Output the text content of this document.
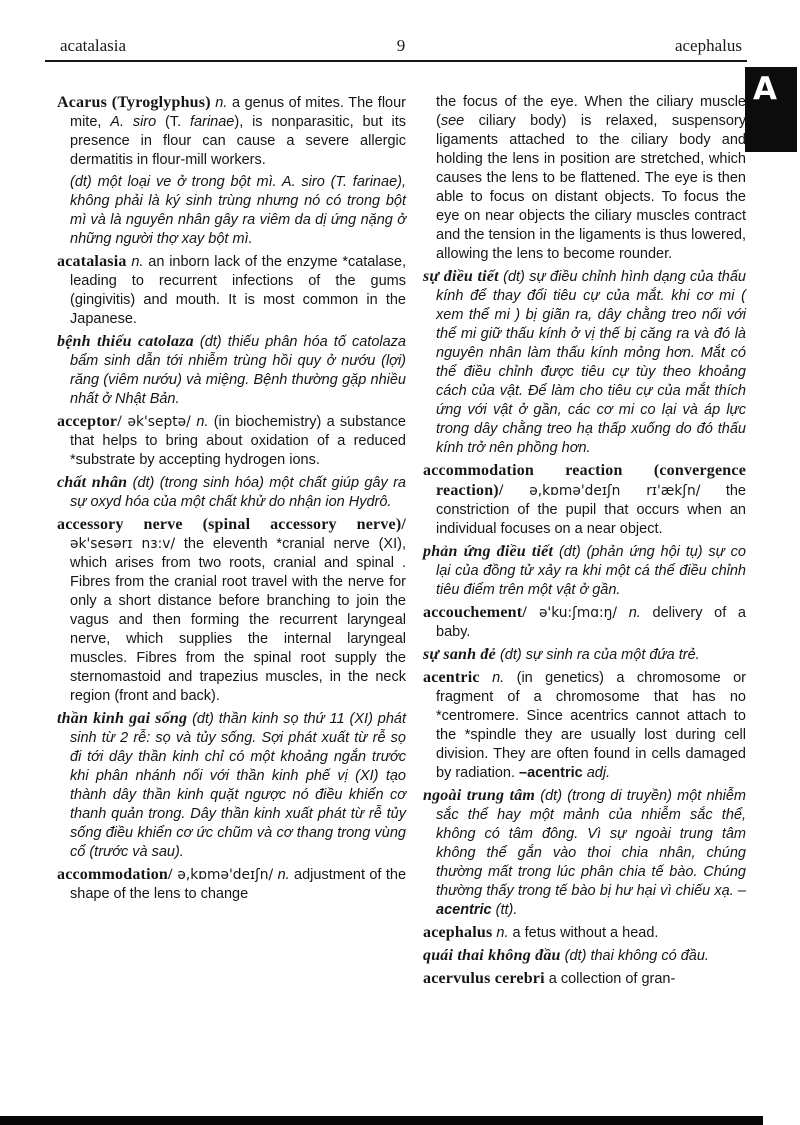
acatalasia	9	acephalus
A

Acarus (Tyroglyphus) n. a genus of mites. The flour mite, A. siro (T. farinae), is nonparasitic, but its presence in flour can cause a severe allergic dermatitis in flour-mill workers.

(dt) một loại ve ở trong bột mì. A. siro (T. farinae), không phải là ký sinh trùng nhưng nó có trong bột mì và là nguyên nhân gây ra viêm da dị ứng nặng ở những người thợ xay bột mì.

acatalasia n. an inborn lack of the enzyme *catalase, leading to recurrent infections of the gums (gingivitis) and mouth. It is most common in the Japanese.

bệnh thiếu catolaza (dt) thiếu phân hóa tố catolaza bẩm sinh dẫn tới nhiễm trùng hồi quy ở nướu (lợi) răng (viêm nướu) và miệng. Bệnh thường gặp nhiều nhất ở Nhật Bản.

acceptor/ ək'septə/ n. (in biochemistry) a substance that helps to bring about oxidation of a reduced *substrate by accepting hydrogen ions.

chất nhân (dt) (trong sinh hóa) một chất giúp gây ra sự oxyd hóa của một chất khử do nhận ion Hydrô.

accessory nerve (spinal accessory nerve)/ ək'sesərɪ nɜ:v/ the eleventh *cranial nerve (XI), which arises from two roots, cranial and spinal . Fibres from the cranial root travel with the nerve for only a short distance before branching to join the vagus and then forming the recurrent laryngeal nerve, which supplies the internal laryngeal muscles. Fibres from the spinal root supply the sternomastoid and trapezius muscles, in the neck region (front and back).

thần kinh gai sống (dt) thần kinh sọ thứ 11 (XI) phát sinh từ 2 rễ: sọ và tủy sống. Sợi phát xuất từ rễ sọ đi tới dây thần kinh chỉ có một khoảng ngắn trước khi phân nhánh nối với thần kinh phế vị (XI) tạo thành dây thần kinh quặt ngược nó điều khiển cơ thanh quản trong. Dây thần kinh xuất phát từ rễ tủy sống điều khiển cơ ức chũm và cơ thang trong vùng cổ (trước và sau).

accommodation/ ə,kɒmə'deɪʃn/ n. adjustment of the shape of the lens to change

the focus of the eye. When the ciliary muscle (see ciliary body) is relaxed, suspensory ligaments attached to the ciliary body and holding the lens in position are stretched, which causes the lens to be flattened. The eye is then able to focus on distant objects. To focus the eye on near objects the ciliary muscles contract and the tension in the ligaments is thus lowered, allowing the lens to become rounder.

sự điều tiết (dt) sự điều chỉnh hình dạng của thấu kính để thay đổi tiêu cự của mắt. khi cơ mi ( xem thể mi ) bị giãn ra, dây chằng treo nối với thể mi giữ thấu kính ở vị thế bị căng ra và đó là nguyên nhân làm thấu kính mỏng hơn. Mắt có thể điều chỉnh được tiêu cự tùy theo khoảng cách của vật. Để làm cho tiêu cự của mắt thích ứng với vật ở gần, các cơ mi co lại và áp lực trong dây chằng treo hạ thấp xuống do đó thấu kính trở nên phồng hơn.

accommodation reaction (convergence reaction)/ ə,kɒmə'deɪʃn rɪ'ækʃn/ the constriction of the pupil that occurs when an individual focuses on a near object.

phản ứng điều tiết (dt) (phản ứng hội tụ) sự co lại của đồng tử xảy ra khi một cá thể điều chỉnh tiêu điểm trên một vật ở gần.

accouchement/ ə'ku:ʃmɑ:ŋ/ n. delivery of a baby.

sự sanh đẻ (dt) sự sinh ra của một đứa trẻ.

acentric n. (in genetics) a chromosome or fragment of a chromosome that has no *centromere. Since acentrics cannot attach to the *spindle they are usually lost during cell division. They are often found in cells damaged by radiation. –acentric adj.

ngoài trung tâm (dt) (trong di truyền) một nhiễm sắc thể hay một mảnh của nhiễm sắc thể, không có tâm đông. Vì sự ngoài trung tâm không thể gắn vào thoi chia nhân, chúng thường mất trong lúc phân chia tế bào. Chúng thường thấy trong tế bào bị hư hại vì chiếu xạ. – acentric (tt).

acephalus n. a fetus without a head.

quái thai không đầu (dt) thai không có đầu.

acervulus cerebri a collection of gran-
